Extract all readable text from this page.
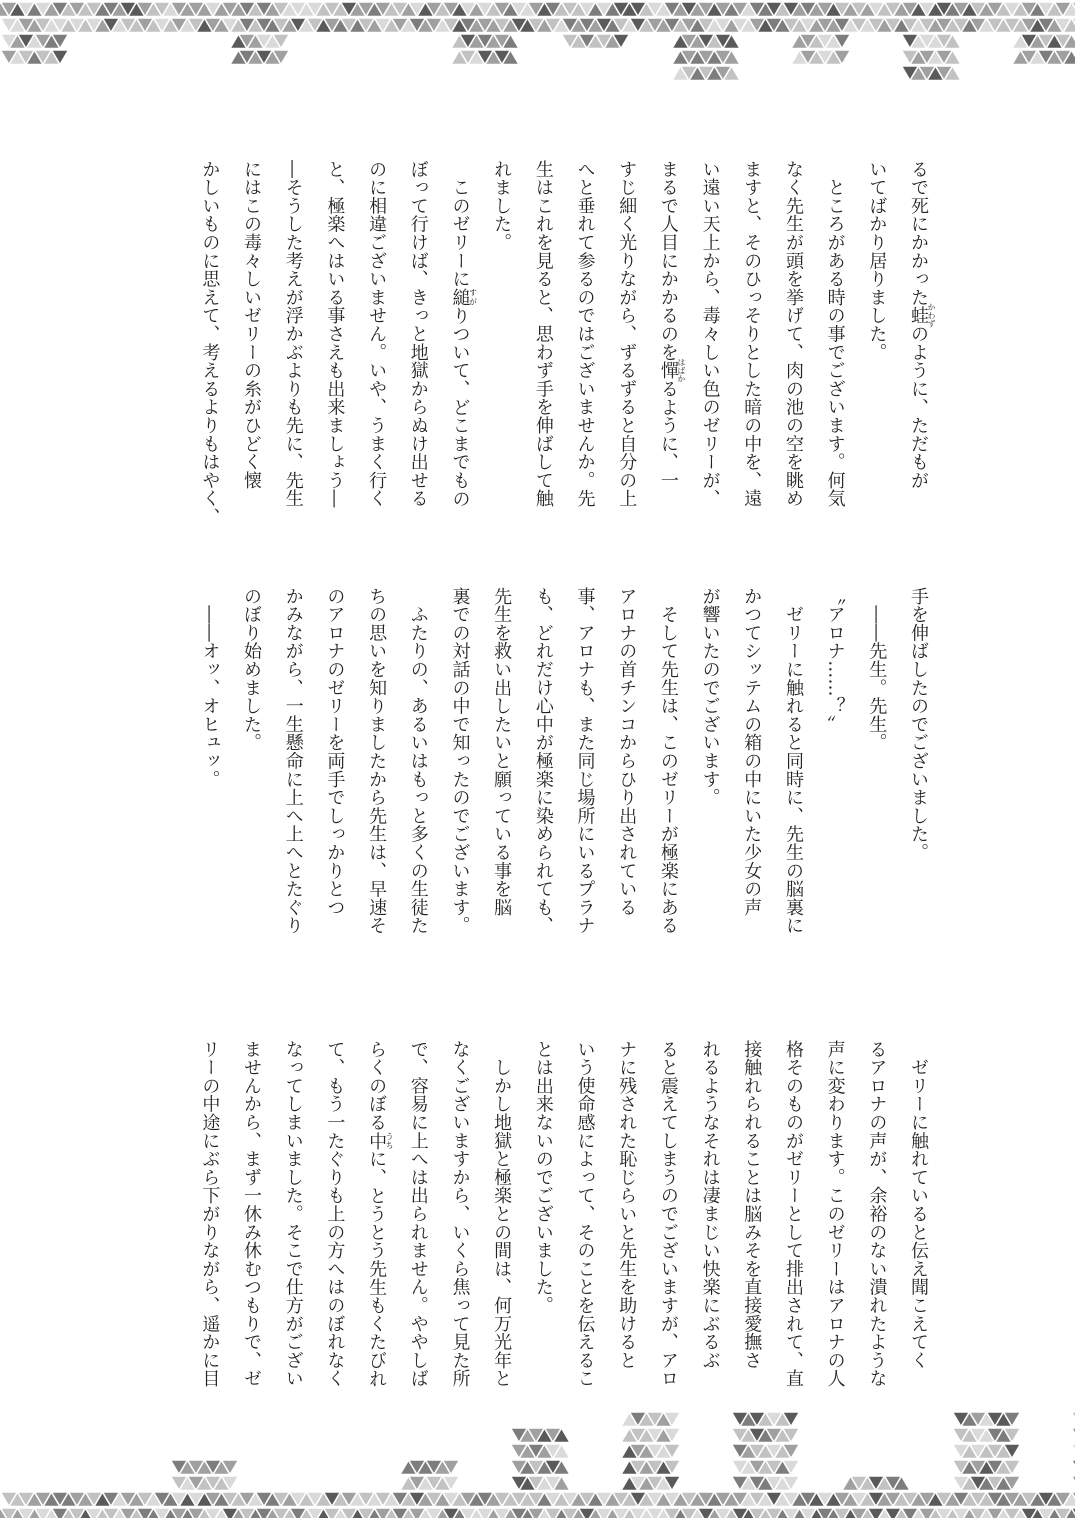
るで死にかかった蛙かわずのように、ただもが
いてばかり居りました。
　ところがある時の事でございます。何気
なく先生が頭を挙げて、肉の池の空を眺め
ますと、そのひっそりとした暗の中を、遠
い遠い天上から、毒々しい色のゼリーが、
まるで人目にかかるのを憚はばかるように、一
すじ細く光りながら、ずるずると自分の上
へと垂れて参るのではございませんか。先
生はこれを見ると、思わず手を伸ばして触
れました。
　このゼリーに縋すがりついて、どこまでもの
ぼって行けば、きっと地獄からぬけ出せる
のに相違ございません。いや、うまく行く
と、極楽へはいる事さえも出来ましょう―
―そうした考えが浮かぶよりも先に、先生
にはこの毒々しいゼリーの糸がひどく懐
かしいものに思えて、考えるよりもはやく、
手を伸ばしたのでございました。
　――先生。先生。
〝アロナ……？〟
　ゼリーに触れると同時に、先生の脳裏に
かつてシッテムの箱の中にいた少女の声
が響いたのでございます。
　そして先生は、このゼリーが極楽にある
アロナの首チンコからひり出されている
事、アロナも、また同じ場所にいるプラナ
も、どれだけ心中が極楽に染められても、
先生を救い出したいと願っている事を脳
裏での対話の中で知ったのでございます。
　ふたりの、あるいはもっと多くの生徒た
ちの思いを知りましたから先生は、早速そ
のアロナのゼリーを両手でしっかりとつ
かみながら、一生懸命に上へ上へとたぐり
のぼり始めました。
　――オッ、オヒュッ。
　ゼリーに触れていると伝え聞こえてく
るアロナの声が、余裕のない潰れたような
声に変わります。このゼリーはアロナの人
格そのものがゼリーとして排出されて、直
接触れられることは脳みそを直接愛撫さ
れるようなそれは凄まじい快楽にぶるぶ
ると震えてしまうのでございますが、アロ
ナに残された恥じらいと先生を助けると
いう使命感によって、そのことを伝えるこ
とは出来ないのでございました。
　しかし地獄と極楽との間は、何万光年と
なくございますから、いくら焦って見た所
で、容易に上へは出られません。ややしば
らくのぼる中うちに、とうとう先生もくたびれ
て、もう一たぐりも上の方へはのぼれなく
なってしまいました。そこで仕方がござい
ませんから、まず一休み休むつもりで、ゼ
リーの中途にぶら下がりながら、遥かに目
